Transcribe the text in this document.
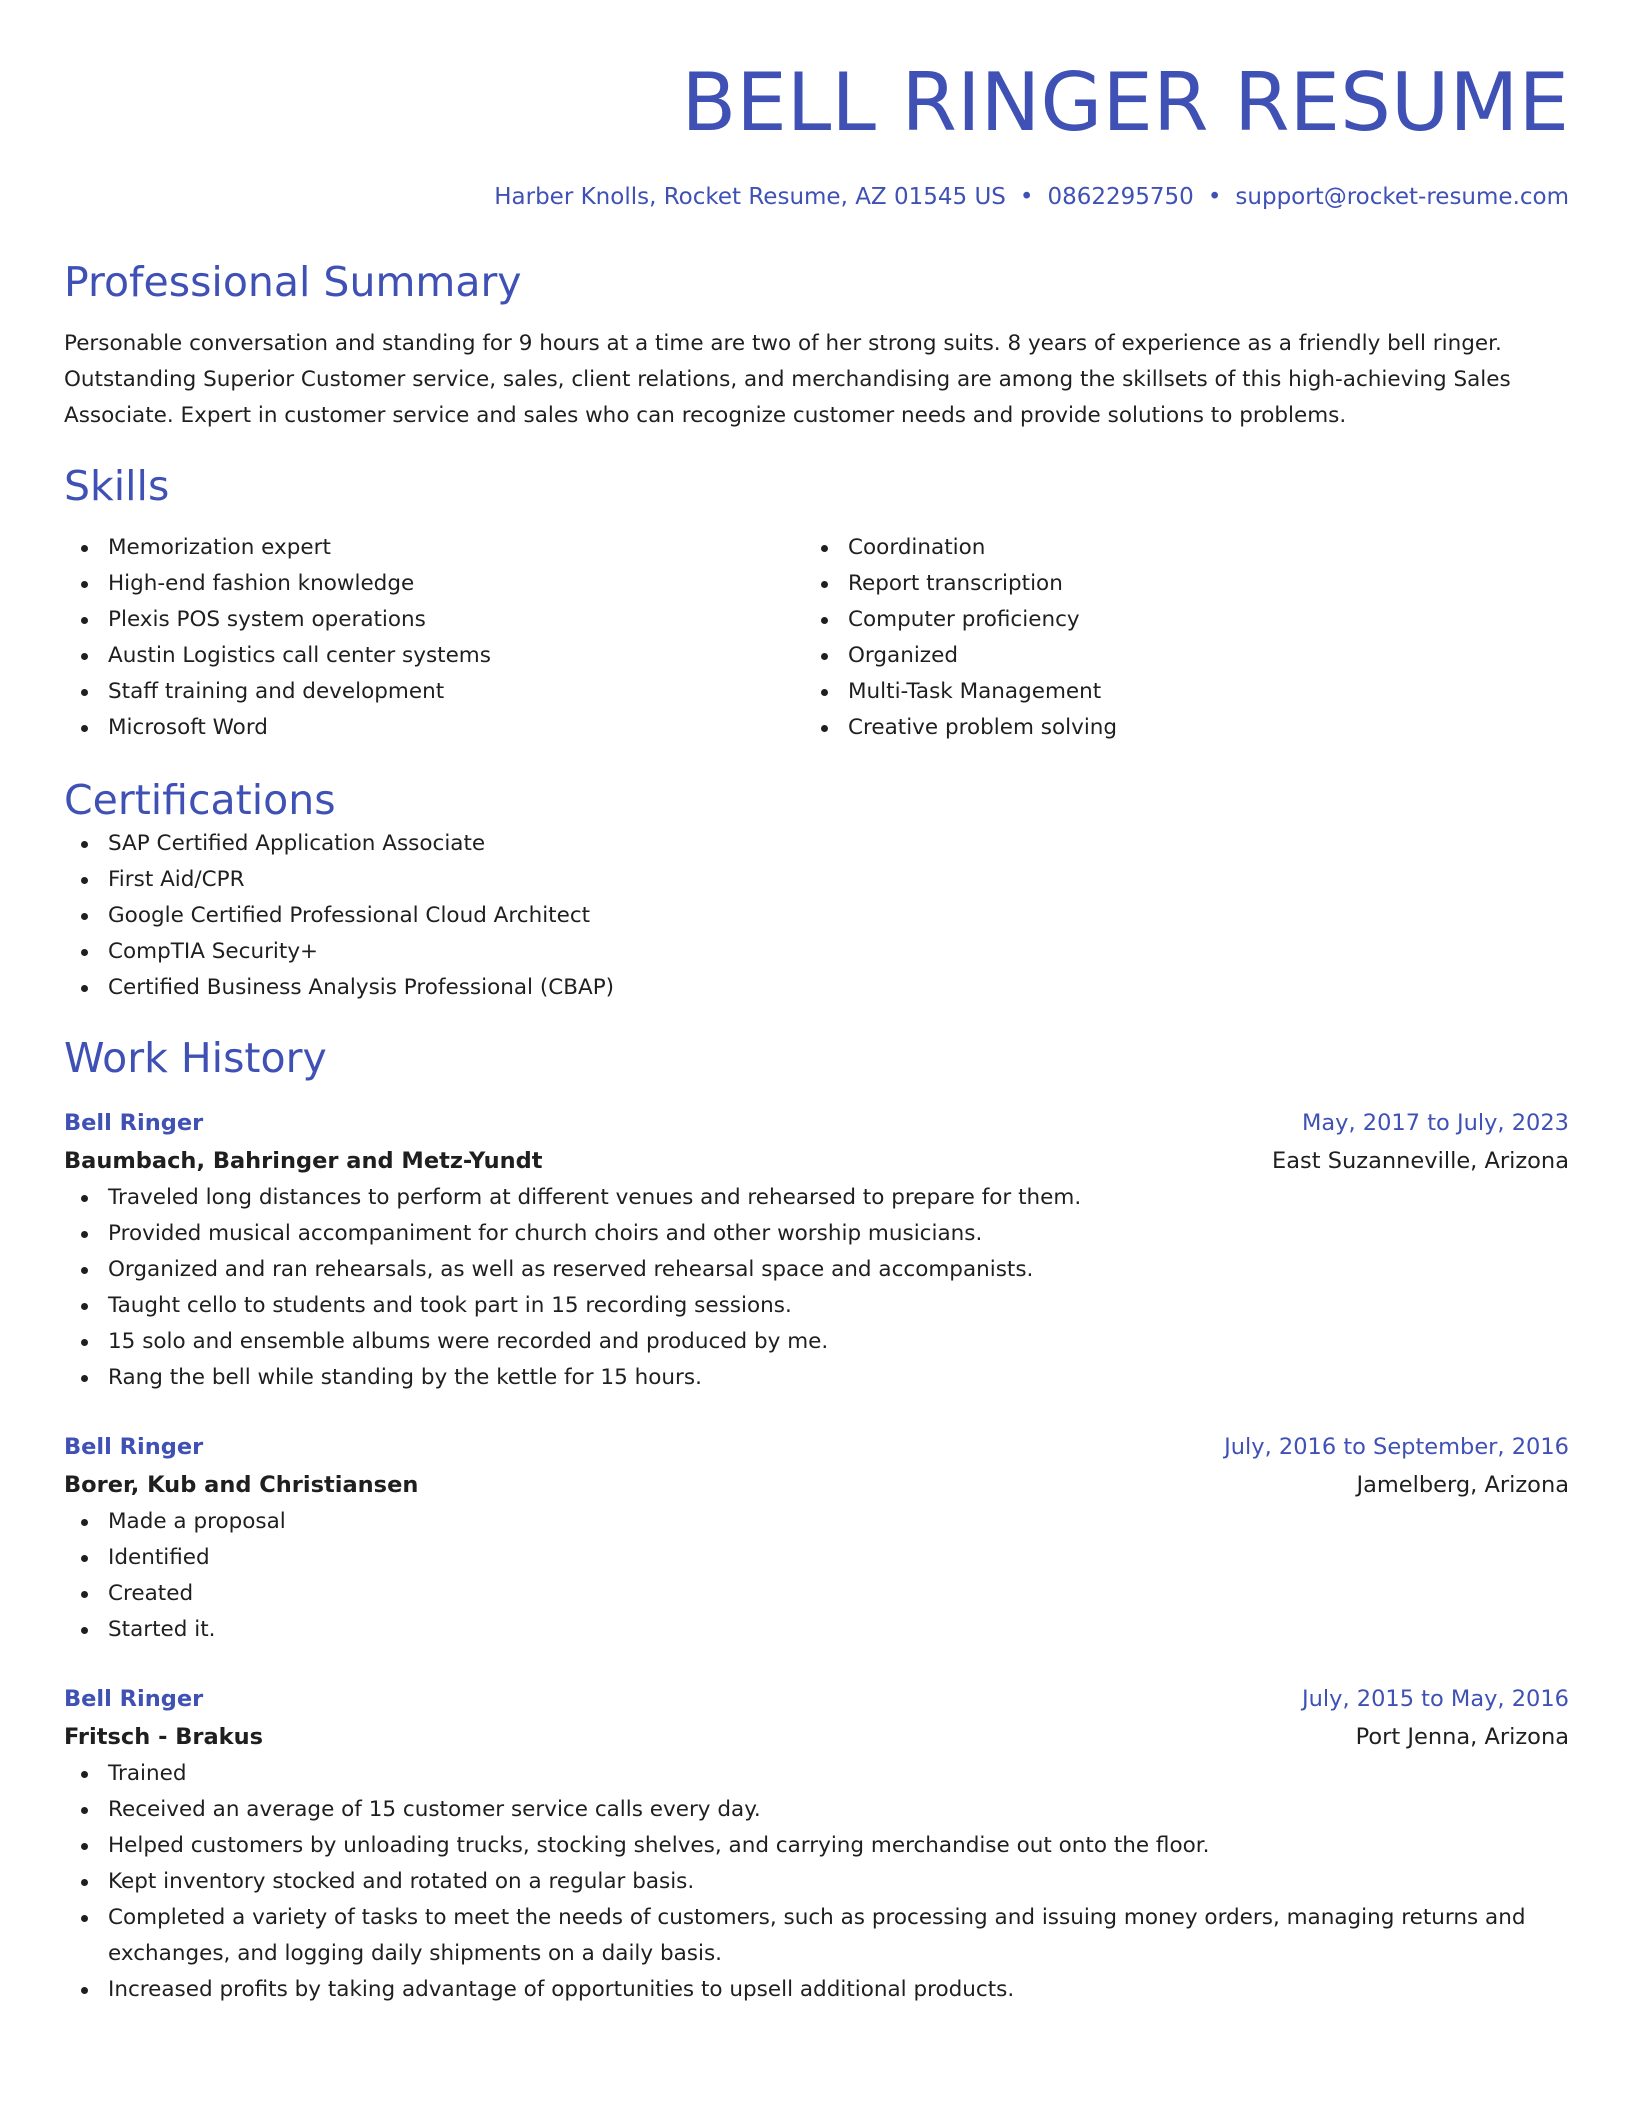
BELL RINGER RESUME
Harber Knolls, Rocket Resume, AZ 01545 US • 0862295750 • support@rocket-resume.com
Professional Summary

Personable conversation and standing for 9 hours at a time are two of her strong suits. 8 years of experience as a friendly bell ringer. Outstanding Superior Customer service, sales, client relations, and merchandising are among the skillsets of this high-achieving Sales Associate. Expert in customer service and sales who can recognize customer needs and provide solutions to problems.

Skills
Memorization expert
High-end fashion knowledge
Plexis POS system operations
Austin Logistics call center systems
Staff training and development
Microsoft Word
Coordination
Report transcription
Computer proficiency
Organized
Multi-Task Management
Creative problem solving
Certifications
SAP Certified Application Associate
First Aid/CPR
Google Certified Professional Cloud Architect
CompTIA Security+
Certified Business Analysis Professional (CBAP)
Work History
Bell Ringer	May, 2017 to July, 2023
Baumbach, Bahringer and Metz-Yundt	East Suzanneville, Arizona
Traveled long distances to perform at different venues and rehearsed to prepare for them.
Provided musical accompaniment for church choirs and other worship musicians.
Organized and ran rehearsals, as well as reserved rehearsal space and accompanists.
Taught cello to students and took part in 15 recording sessions.
15 solo and ensemble albums were recorded and produced by me.
Rang the bell while standing by the kettle for 15 hours.
Bell Ringer	July, 2016 to September, 2016
Borer, Kub and Christiansen	Jamelberg, Arizona
Made a proposal
Identified
Created
Started it.
Bell Ringer	July, 2015 to May, 2016
Fritsch - Brakus	Port Jenna, Arizona
Trained
Received an average of 15 customer service calls every day.
Helped customers by unloading trucks, stocking shelves, and carrying merchandise out onto the floor.
Kept inventory stocked and rotated on a regular basis.
Completed a variety of tasks to meet the needs of customers, such as processing and issuing money orders, managing returns and exchanges, and logging daily shipments on a daily basis.
Increased profits by taking advantage of opportunities to upsell additional products.
